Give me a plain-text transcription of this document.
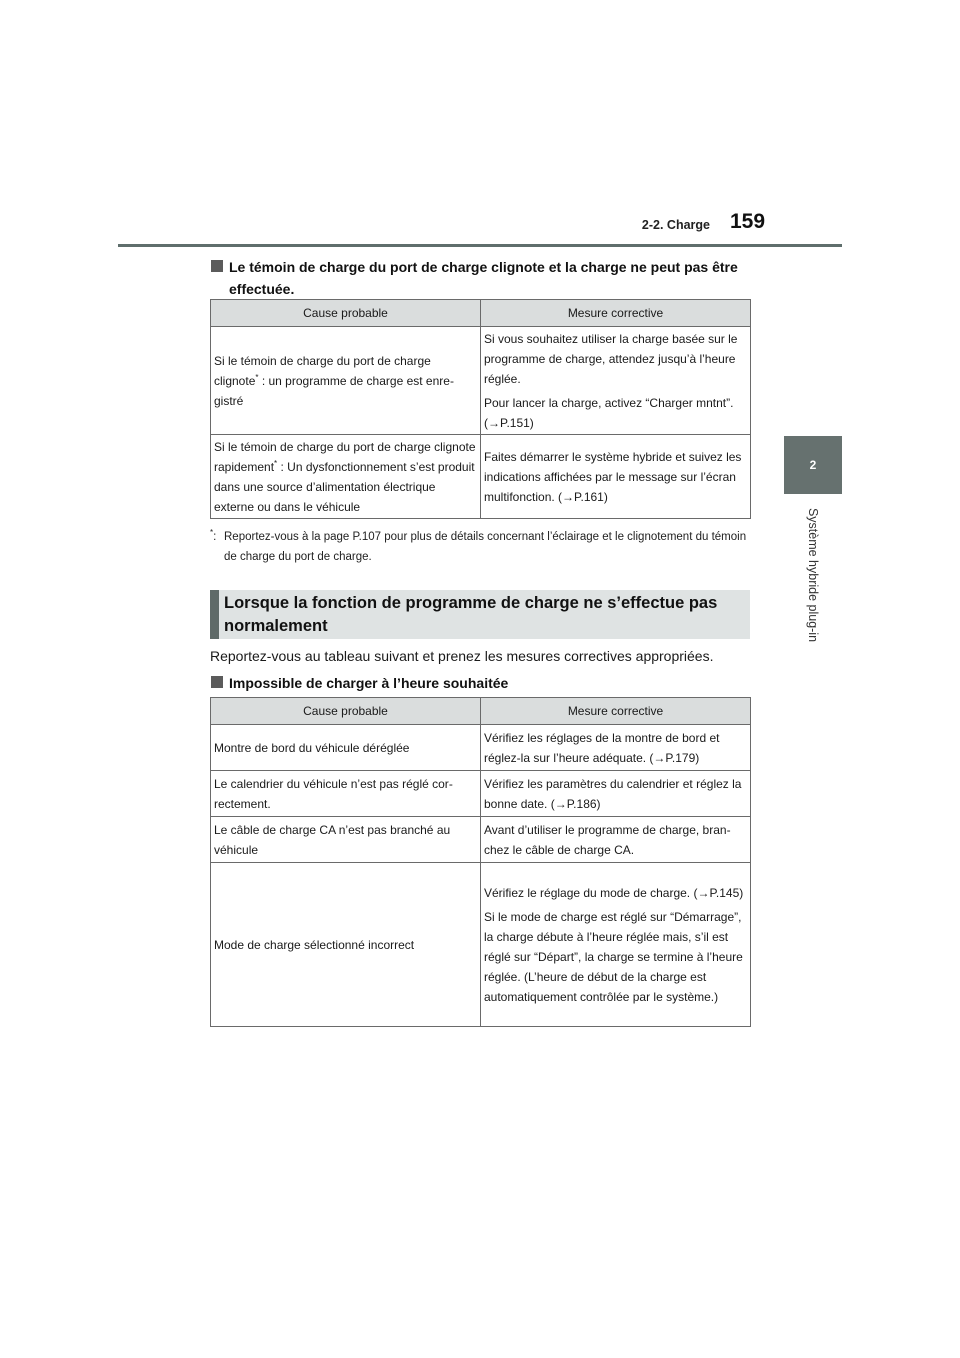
2-2. Charge 159
2
Système hybride plug-in
Le témoin de charge du port de charge clignote et la charge ne peut pas être effectuée.
Cause probable	Mesure corrective
Si le témoin de charge du port de charge clignote* : un programme de charge est enregistré	Si vous souhaitez utiliser la charge basée sur le programme de charge, attendez jusqu’à l’heure réglée.

Pour lancer la charge, activez “Charger mntnt”. (→P.151)

Si le témoin de charge du port de charge clignote rapidement* : Un dysfonctionnement s’est produit dans une source d’alimentation électrique externe ou dans le véhicule	Faites démarrer le système hybride et suivez les indications affichées par le message sur l’écran multifonction. (→P.161)

*: Reportez-vous à la page P.107 pour plus de détails concernant l’éclairage et le clignotement du témoin de charge du port de charge.
Lorsque la fonction de programme de charge ne s’effectue pas normalement
Reportez-vous au tableau suivant et prenez les mesures correctives appropriées.
Impossible de charger à l’heure souhaitée
Cause probable	Mesure corrective
Montre de bord du véhicule déréglée	Vérifiez les réglages de la montre de bord et réglez-la sur l’heure adéquate. (→P.179)

Le calendrier du véhicule n’est pas réglé correctement.	Vérifiez les paramètres du calendrier et réglez la bonne date. (→P.186)

Le câble de charge CA n’est pas branché au véhicule	Avant d’utiliser le programme de charge, branchez le câble de charge CA.

Mode de charge sélectionné incorrect	Vérifiez le réglage du mode de charge. (→P.145)

Si le mode de charge est réglé sur “Démarrage”, la charge débute à l’heure réglée mais, s’il est réglé sur “Départ”, la charge se termine à l’heure réglée. (L’heure de début de la charge est automatiquement contrôlée par le système.)
